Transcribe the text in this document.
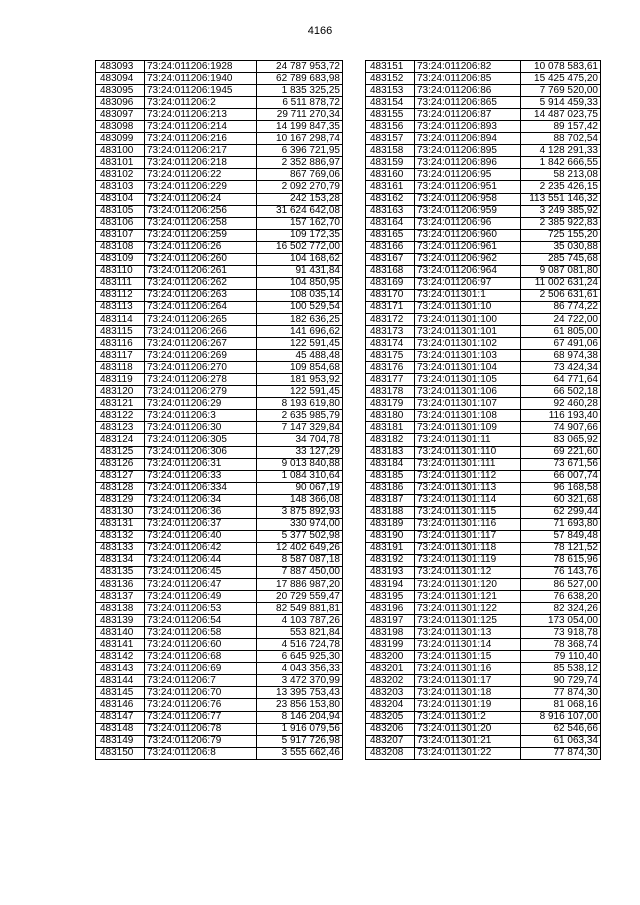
4166
483093	73:24:011206:1928	24 787 953,72
483094	73:24:011206:1940	62 789 683,98
483095	73:24:011206:1945	1 835 325,25
483096	73:24:011206:2	6 511 878,72
483097	73:24:011206:213	29 711 270,34
483098	73:24:011206:214	14 199 847,35
483099	73:24:011206:216	10 167 298,74
483100	73:24:011206:217	6 396 721,95
483101	73:24:011206:218	2 352 886,97
483102	73:24:011206:22	867 769,06
483103	73:24:011206:229	2 092 270,79
483104	73:24:011206:24	242 153,28
483105	73:24:011206:256	31 624 642,08
483106	73:24:011206:258	157 162,70
483107	73:24:011206:259	109 172,35
483108	73:24:011206:26	16 502 772,00
483109	73:24:011206:260	104 168,62
483110	73:24:011206:261	91 431,84
483111	73:24:011206:262	104 850,95
483112	73:24:011206:263	108 035,14
483113	73:24:011206:264	100 529,54
483114	73:24:011206:265	182 636,25
483115	73:24:011206:266	141 696,62
483116	73:24:011206:267	122 591,45
483117	73:24:011206:269	45 488,48
483118	73:24:011206:270	109 854,68
483119	73:24:011206:278	181 953,92
483120	73:24:011206:279	122 591,45
483121	73:24:011206:29	8 193 619,80
483122	73:24:011206:3	2 635 985,79
483123	73:24:011206:30	7 147 329,84
483124	73:24:011206:305	34 704,78
483125	73:24:011206:306	33 127,29
483126	73:24:011206:31	9 013 840,88
483127	73:24:011206:33	1 084 310,64
483128	73:24:011206:334	90 067,19
483129	73:24:011206:34	148 366,08
483130	73:24:011206:36	3 875 892,93
483131	73:24:011206:37	330 974,00
483132	73:24:011206:40	5 377 502,98
483133	73:24:011206:42	12 402 649,26
483134	73:24:011206:44	8 587 087,18
483135	73:24:011206:45	7 887 450,00
483136	73:24:011206:47	17 886 987,20
483137	73:24:011206:49	20 729 559,47
483138	73:24:011206:53	82 549 881,81
483139	73:24:011206:54	4 103 787,26
483140	73:24:011206:58	553 821,84
483141	73:24:011206:60	4 516 724,78
483142	73:24:011206:68	6 645 925,30
483143	73:24:011206:69	4 043 356,33
483144	73:24:011206:7	3 472 370,99
483145	73:24:011206:70	13 395 753,43
483146	73:24:011206:76	23 856 153,80
483147	73:24:011206:77	8 146 204,94
483148	73:24:011206:78	1 916 079,56
483149	73:24:011206:79	5 917 726,98
483150	73:24:011206:8	3 555 662,46
483151	73:24:011206:82	10 078 583,61
483152	73:24:011206:85	15 425 475,20
483153	73:24:011206:86	7 769 520,00
483154	73:24:011206:865	5 914 459,33
483155	73:24:011206:87	14 487 023,75
483156	73:24:011206:893	89 157,42
483157	73:24:011206:894	88 702,54
483158	73:24:011206:895	4 128 291,33
483159	73:24:011206:896	1 842 666,55
483160	73:24:011206:95	58 213,08
483161	73:24:011206:951	2 235 426,15
483162	73:24:011206:958	113 551 146,32
483163	73:24:011206:959	3 249 385,92
483164	73:24:011206:96	2 385 922,83
483165	73:24:011206:960	725 155,20
483166	73:24:011206:961	35 030,88
483167	73:24:011206:962	285 745,68
483168	73:24:011206:964	9 087 081,80
483169	73:24:011206:97	11 002 631,24
483170	73:24:011301:1	2 506 631,61
483171	73:24:011301:10	86 774,22
483172	73:24:011301:100	24 722,00
483173	73:24:011301:101	61 805,00
483174	73:24:011301:102	67 491,06
483175	73:24:011301:103	68 974,38
483176	73:24:011301:104	73 424,34
483177	73:24:011301:105	64 771,64
483178	73:24:011301:106	66 502,18
483179	73:24:011301:107	92 460,28
483180	73:24:011301:108	116 193,40
483181	73:24:011301:109	74 907,66
483182	73:24:011301:11	83 065,92
483183	73:24:011301:110	69 221,60
483184	73:24:011301:111	73 671,56
483185	73:24:011301:112	66 007,74
483186	73:24:011301:113	96 168,58
483187	73:24:011301:114	60 321,68
483188	73:24:011301:115	62 299,44
483189	73:24:011301:116	71 693,80
483190	73:24:011301:117	57 849,48
483191	73:24:011301:118	78 121,52
483192	73:24:011301:119	78 615,96
483193	73:24:011301:12	76 143,76
483194	73:24:011301:120	86 527,00
483195	73:24:011301:121	76 638,20
483196	73:24:011301:122	82 324,26
483197	73:24:011301:125	173 054,00
483198	73:24:011301:13	73 918,78
483199	73:24:011301:14	78 368,74
483200	73:24:011301:15	79 110,40
483201	73:24:011301:16	85 538,12
483202	73:24:011301:17	90 729,74
483203	73:24:011301:18	77 874,30
483204	73:24:011301:19	81 068,16
483205	73:24:011301:2	8 916 107,00
483206	73:24:011301:20	62 546,66
483207	73:24:011301:21	61 063,34
483208	73:24:011301:22	77 874,30
